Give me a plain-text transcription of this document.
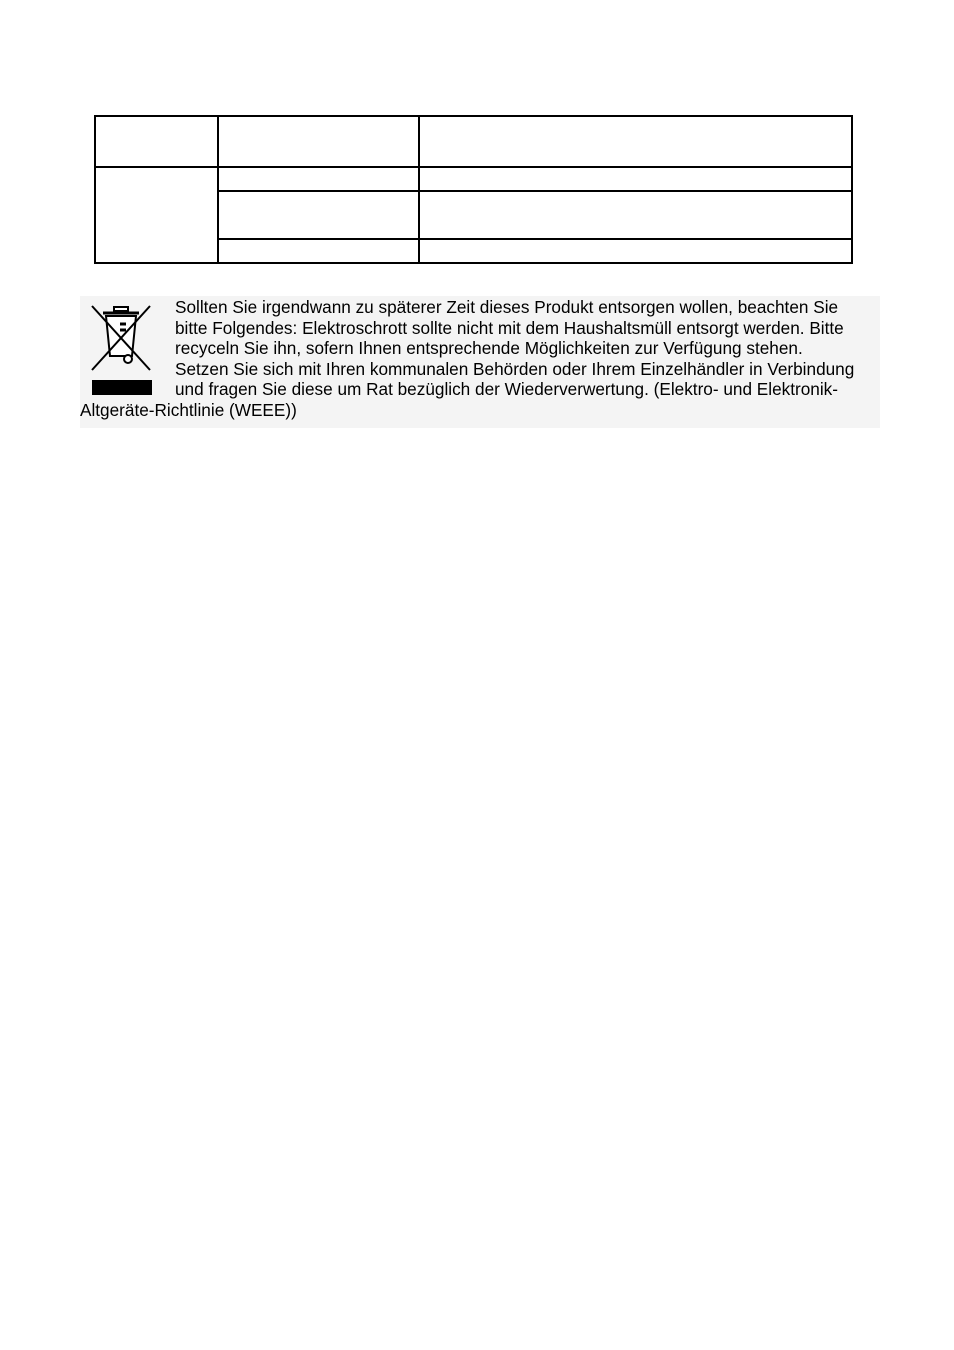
Sollten Sie irgendwann zu späterer Zeit dieses Produkt entsorgen wollen, beachten Sie
bitte Folgendes: Elektroschrott sollte nicht mit dem Haushaltsmüll entsorgt werden. Bitte
recyceln Sie ihn, sofern Ihnen entsprechende Möglichkeiten zur Verfügung stehen.
Setzen Sie sich mit Ihren kommunalen Behörden oder Ihrem Einzelhändler in Verbindung
und fragen Sie diese um Rat bezüglich der Wiederverwertung. (Elektro- und Elektronik-
Altgeräte-Richtlinie (WEEE))
